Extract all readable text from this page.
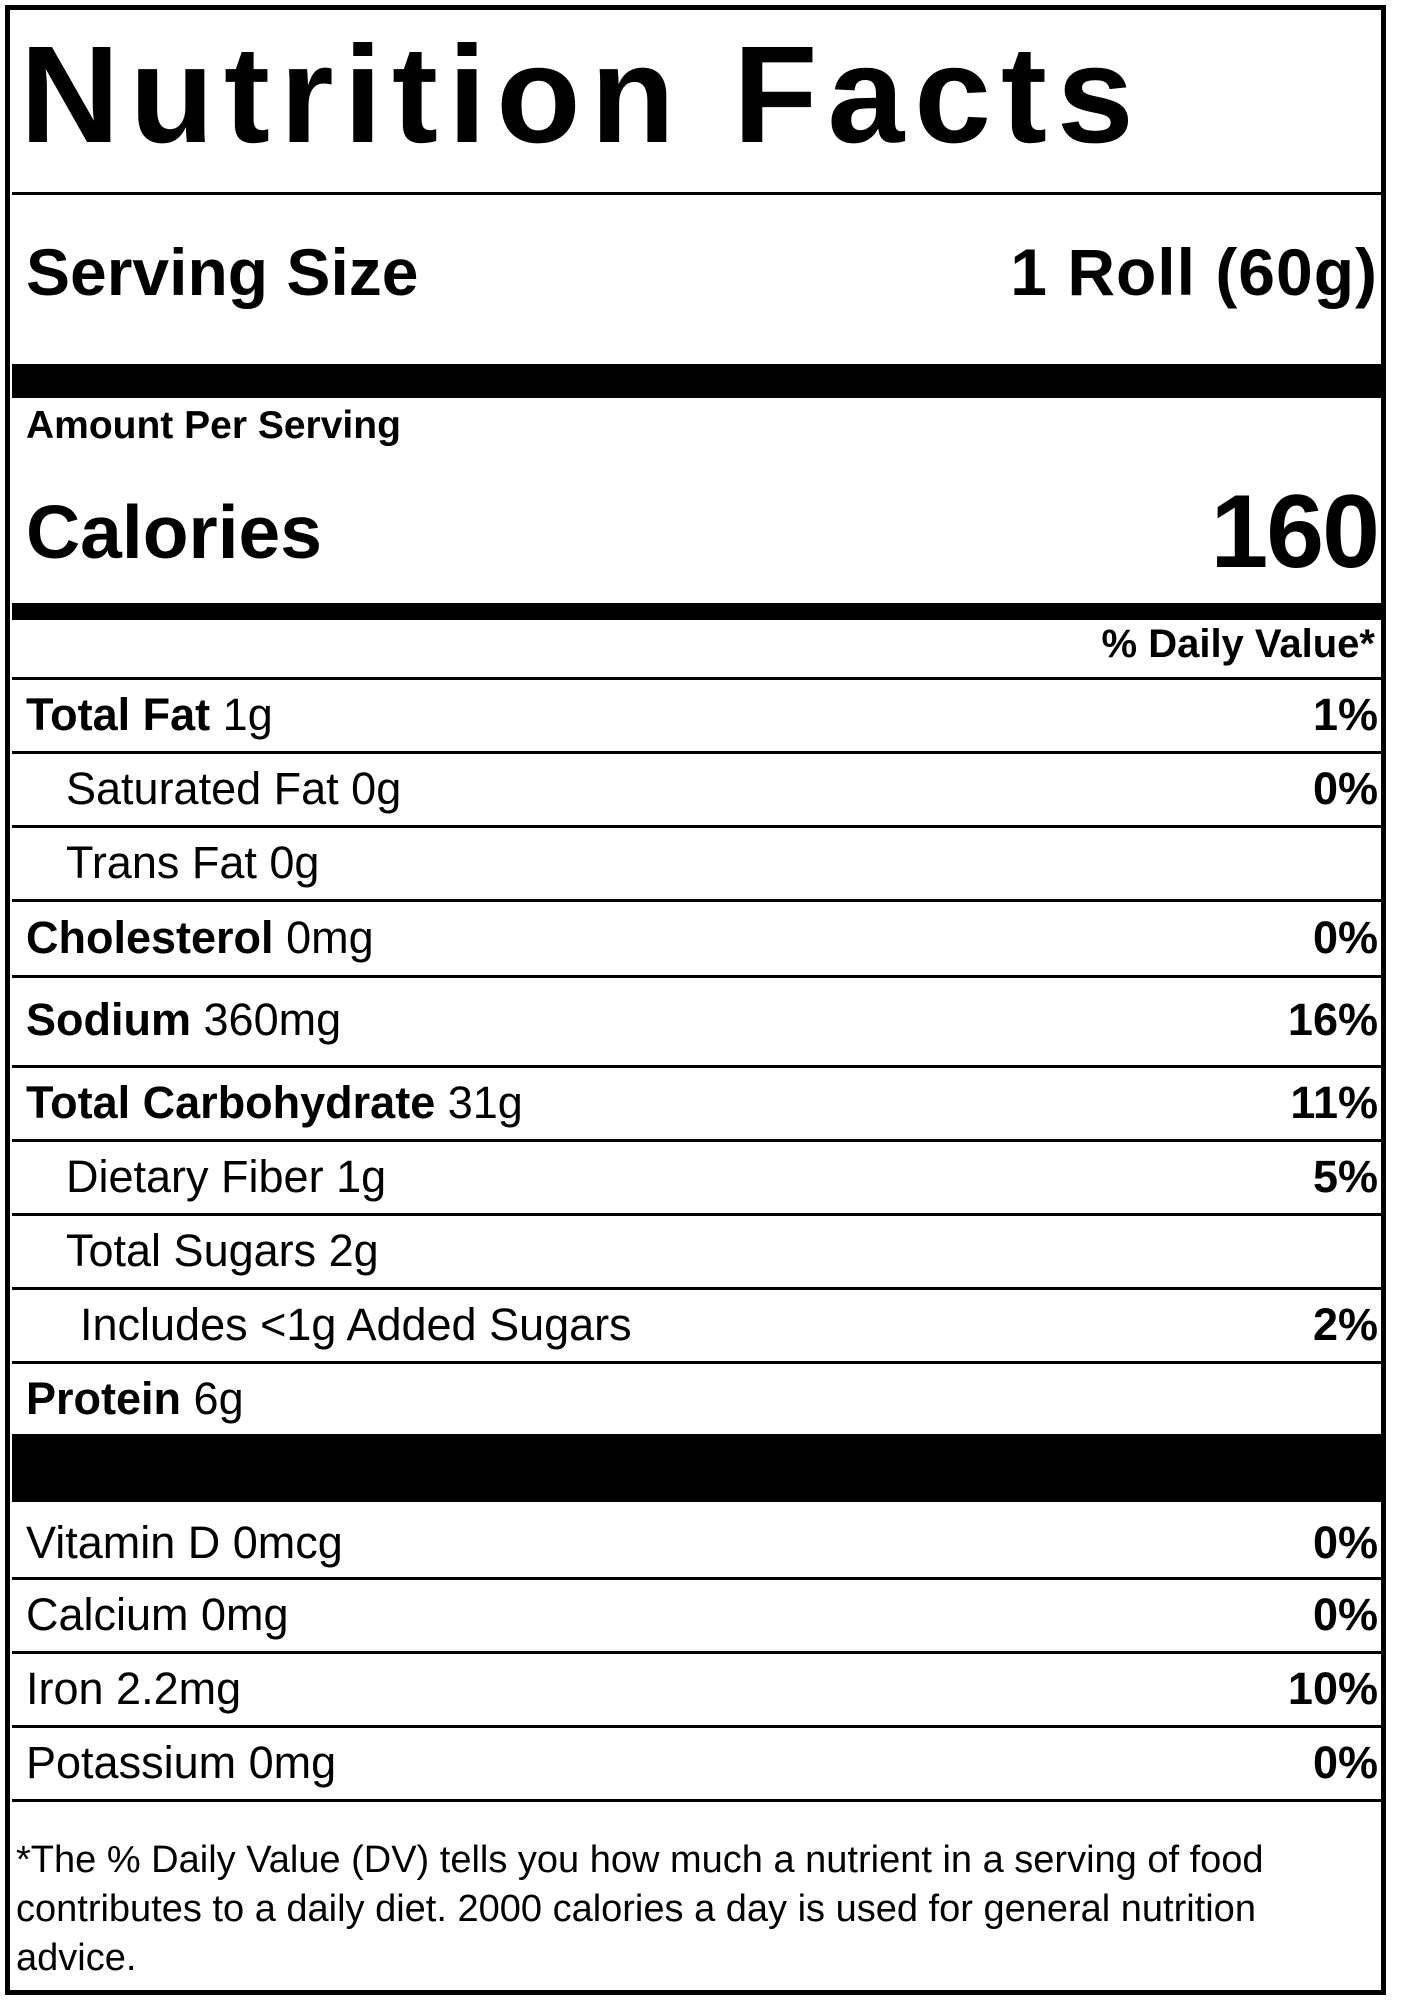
Nutrition Facts
Serving Size	1 Roll (60g)
Amount Per Serving
Calories	160
% Daily Value*
Total Fat 1g	1%
Saturated Fat 0g	0%
Trans Fat 0g
Cholesterol 0mg	0%
Sodium 360mg	16%
Total Carbohydrate 31g	11%
Dietary Fiber 1g	5%
Total Sugars 2g
Includes <1g Added Sugars	2%
Protein 6g
Vitamin D 0mcg	0%
Calcium 0mg	0%
Iron 2.2mg	10%
Potassium 0mg	0%
*The % Daily Value (DV) tells you how much a nutrient in a serving of food contributes to a daily diet. 2000 calories a day is used for general nutrition advice.
